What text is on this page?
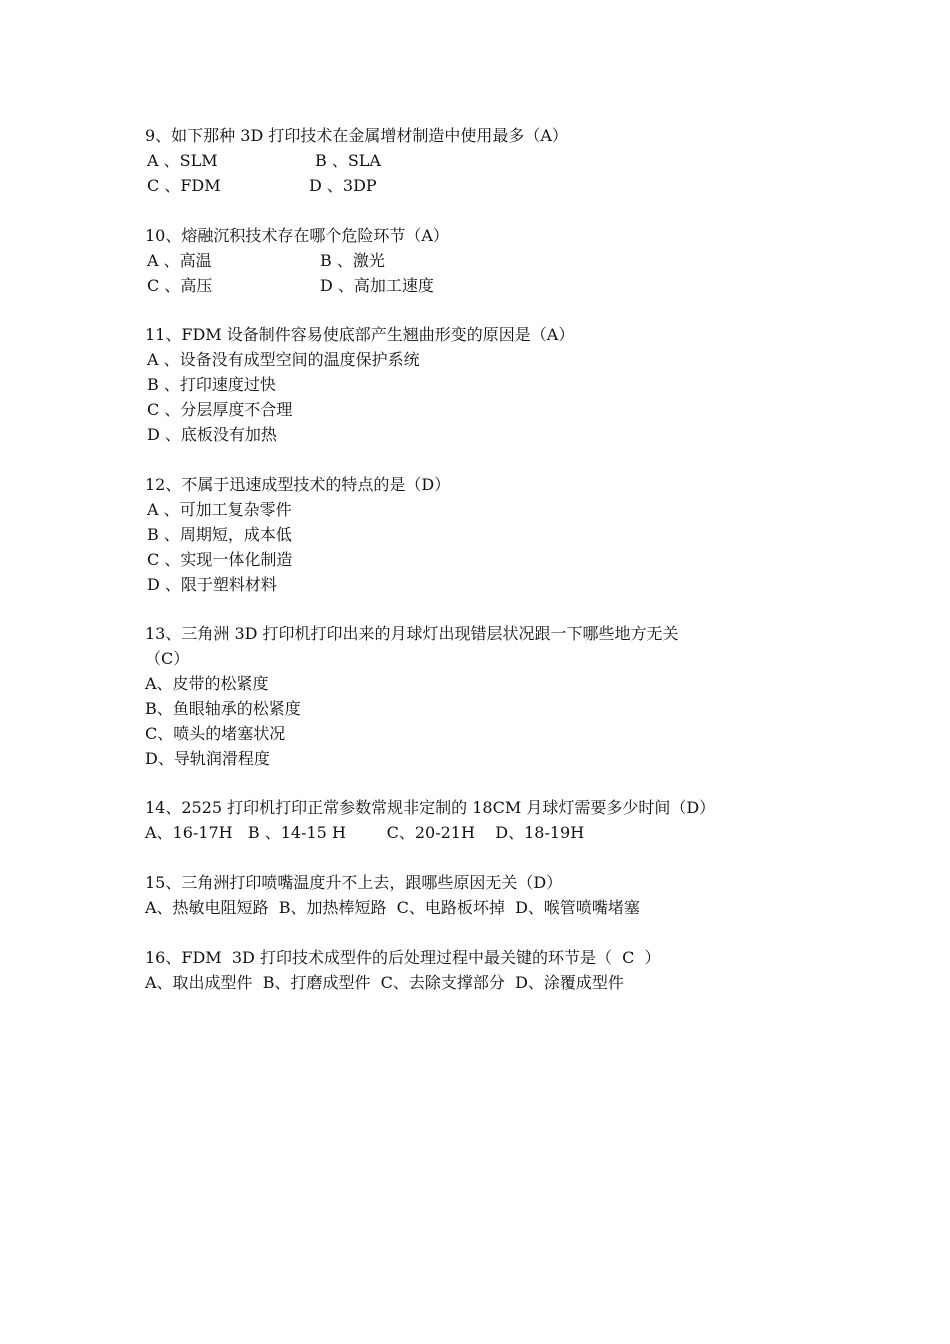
9、如下那种 3D 打印技术在金属增材制造中使用最多（A）
A 、SLM	B 、SLA
C 、FDM	D 、3DP
10、熔融沉积技术存在哪个危险环节（A）
A 、高温	B 、激光
C 、高压	D 、高加工速度
11、FDM 设备制件容易使底部产生翘曲形变的原因是（A）
A 、设备没有成型空间的温度保护系统
B 、打印速度过快
C 、分层厚度不合理
D 、底板没有加热
12、不属于迅速成型技术的特点的是（D）
A 、可加工复杂零件
B 、周期短，成本低
C 、实现一体化制造
D 、限于塑料材料
13、三角洲 3D 打印机打印出来的月球灯出现错层状况跟一下哪些地方无关
（C）
A、皮带的松紧度
B、鱼眼轴承的松紧度
C、喷头的堵塞状况
D、导轨润滑程度
14、2525 打印机打印正常参数常规非定制的 18CM 月球灯需要多少时间（D）
A、16-17H   B 、14-15 H        C、20-21H    D、18-19H
15、三角洲打印喷嘴温度升不上去，跟哪些原因无关（D）
A、热敏电阻短路  B、加热棒短路  C、电路板坏掉  D、喉管喷嘴堵塞
16、FDM  3D 打印技术成型件的后处理过程中最关键的环节是（  C  ）
A、取出成型件  B、打磨成型件  C、去除支撑部分  D、涂覆成型件
